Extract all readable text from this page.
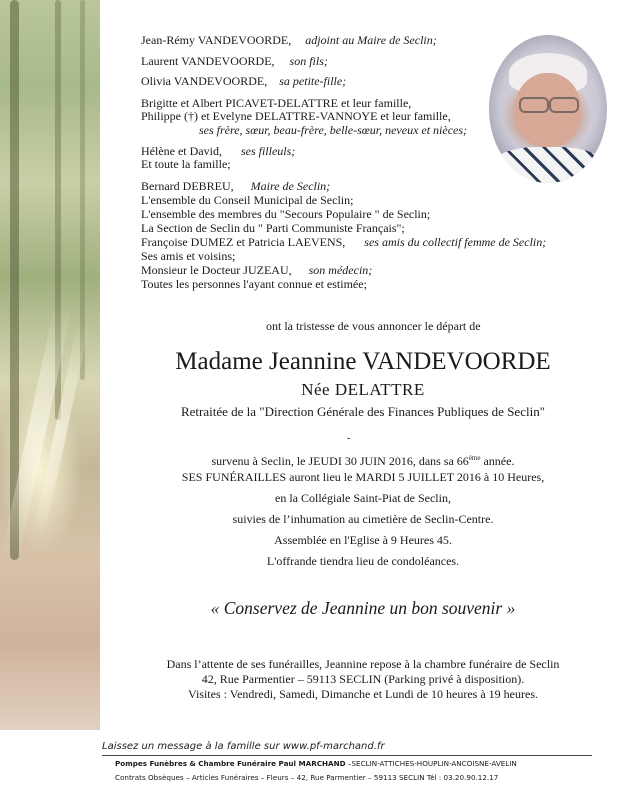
Jean-Rémy VANDEVOORDE, adjoint au Maire de Seclin;
Laurent VANDEVOORDE, son fils;
Olivia VANDEVOORDE, sa petite-fille;
Brigitte et Albert PICAVET-DELATTRE et leur famille,
Philippe (†) et Evelyne DELATTRE-VANNOYE et leur famille,
ses frère, sœur, beau-frère, belle-sœur, neveux et nièces;
Hélène et David, ses filleuls;
Et toute la famille;
Bernard DEBREU, Maire de Seclin;
L'ensemble du Conseil Municipal de Seclin;
L'ensemble des membres du "Secours Populaire " de Seclin;
La Section de Seclin du " Parti Communiste Français";
Françoise DUMEZ et Patricia LAEVENS, ses amis du collectif femme de Seclin;
Ses amis et voisins;
Monsieur le Docteur JUZEAU, son médecin;
Toutes les personnes l'ayant connue et estimée;
ont la tristesse de vous annoncer le départ de
Madame Jeannine VANDEVOORDE
Née DELATTRE
Retraitée de la "Direction Générale des Finances Publiques de Seclin"
-
survenu à Seclin, le JEUDI 30 JUIN 2016, dans sa 66ème année.
SES FUNÉRAILLES auront lieu le MARDI 5 JUILLET 2016 à 10 Heures,
en la Collégiale Saint-Piat de Seclin,
suivies de l’inhumation au cimetière de Seclin-Centre.
Assemblée en l'Eglise à 9 Heures 45.
L'offrande tiendra lieu de condoléances.
« Conservez de Jeannine un bon souvenir »
Dans l’attente de ses funérailles, Jeannine repose à la chambre funéraire de Seclin
42, Rue Parmentier – 59113 SECLIN (Parking privé à disposition).
Visites : Vendredi, Samedi, Dimanche et Lundi de 10 heures à 19 heures.
Laissez un message à la famille sur www.pf-marchand.fr
Pompes Funèbres & Chambre Funéraire Paul MARCHAND –SECLIN-ATTICHES-HOUPLIN-ANCOISNE-AVELIN
Contrats Obsèques – Articles Funéraires – Fleurs – 42, Rue Parmentier – 59113 SECLIN Tél : 03.20.90.12.17
